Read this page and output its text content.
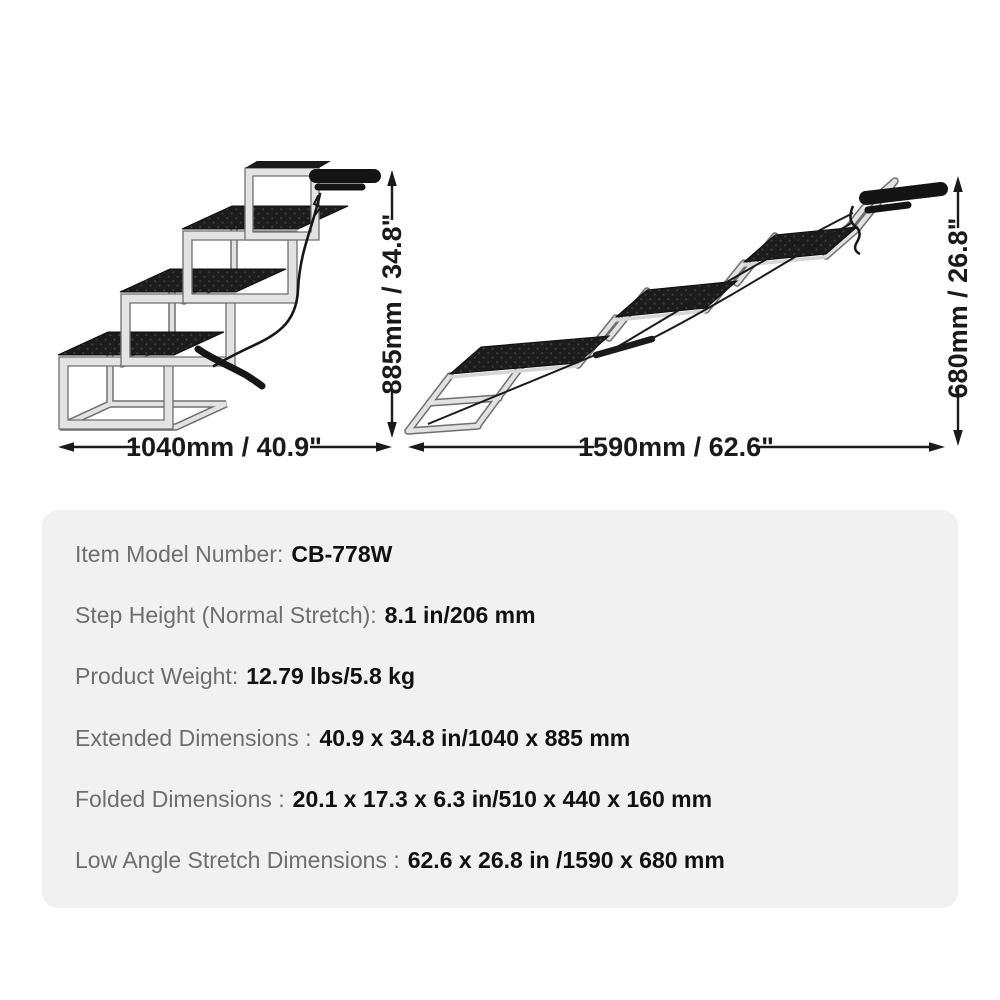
885mm / 34.8"
1040mm / 40.9"	1590mm / 62.6"
680mm / 26.8"
Item Model Number: CB-778W
Step Height (Normal Stretch): 8.1 in/206 mm
Product Weight: 12.79 lbs/5.8 kg
Extended Dimensions : 40.9 x 34.8 in/1040 x 885 mm
Folded Dimensions : 20.1 x 17.3 x 6.3 in/510 x 440 x 160 mm
Low Angle Stretch Dimensions : 62.6 x 26.8 in /1590 x 680 mm
